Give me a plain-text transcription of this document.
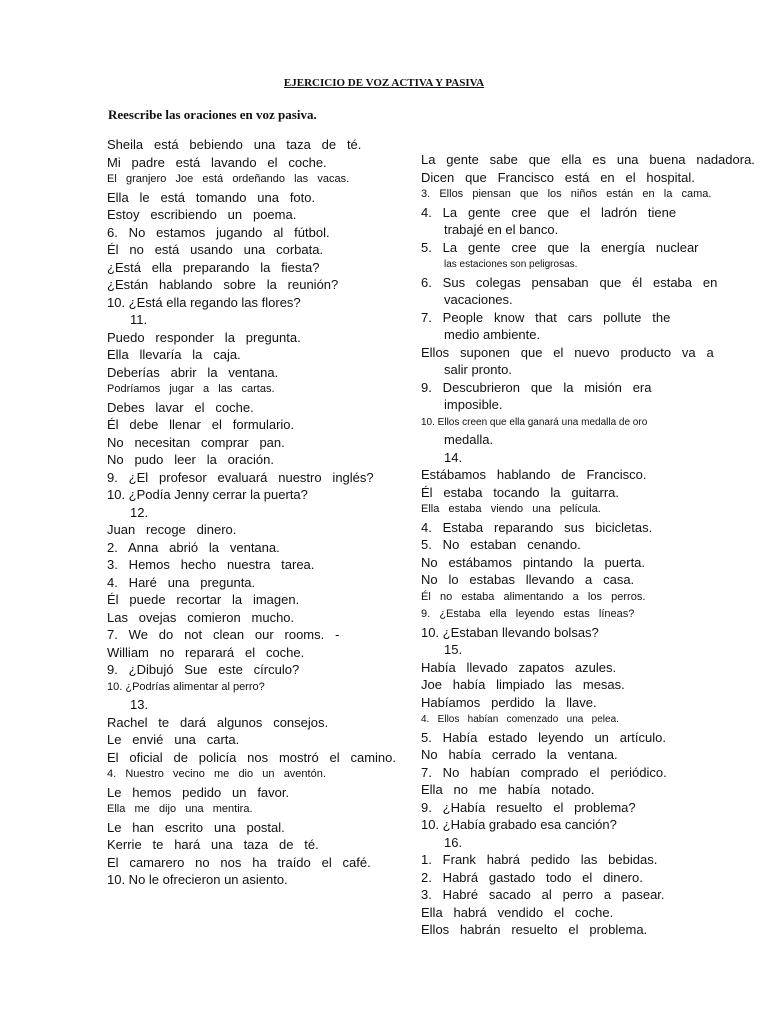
EJERCICIO DE VOZ ACTIVA Y PASIVA

Reescribe las oraciones en voz pasiva.

Sheila   está   bebiendo   una   taza   de   té.
Mi   padre   está   lavando   el   coche.
El   granjero   Joe   está   ordeñando   las   vacas.
Ella   le   está   tomando   una   foto.
Estoy   escribiendo   un   poema.
6.   No   estamos   jugando   al   fútbol.
Él   no   está   usando   una   corbata.
¿Está   ella   preparando   la   fiesta?
¿Están   hablando   sobre   la   reunión?
10. ¿Está ella regando las flores?
11.
Puedo   responder   la   pregunta.
Ella   llevaría   la   caja.
Deberías   abrir   la   ventana.
Podríamos   jugar   a   las   cartas.
Debes   lavar   el   coche.
Él   debe   llenar   el   formulario.
No   necesitan   comprar   pan.
No   pudo   leer   la   oración.
9.   ¿El   profesor   evaluará   nuestro   inglés?
10. ¿Podía Jenny cerrar la puerta?
12.
Juan   recoge   dinero.
2.   Anna   abrió   la   ventana.
3.   Hemos   hecho   nuestra   tarea.
4.   Haré   una   pregunta.
Él   puede   recortar   la   imagen.
Las   ovejas   comieron   mucho.
7.   We   do   not   clean   our   rooms.   -
William   no   reparará   el   coche.
9.   ¿Dibujó   Sue   este   círculo?
10. ¿Podrías alimentar al perro?
13.
Rachel   te   dará   algunos   consejos.
Le   envié   una   carta.
El   oficial   de   policía   nos   mostró   el   camino.
4.   Nuestro   vecino   me   dio   un   aventón.
Le   hemos   pedido   un   favor.
Ella   me   dijo   una   mentira.
Le   han   escrito   una   postal.
Kerrie   te   hará   una   taza   de   té.
El   camarero   no   nos   ha   traído   el   café.
10. No le ofrecieron un asiento.
La   gente   sabe   que   ella   es   una   buena   nadadora.
Dicen   que   Francisco   está   en   el   hospital.
3.   Ellos   piensan   que   los   niños   están   en   la   cama.
4.   La   gente   cree   que   el   ladrón   tiene
trabajé en el banco.
5.   La   gente   cree   que   la   energía   nuclear
las estaciones son peligrosas.
6.   Sus   colegas   pensaban   que   él   estaba   en
vacaciones.
7.   People   know   that   cars   pollute   the
medio ambiente.
Ellos   suponen   que   el   nuevo   producto   va   a
salir pronto.
9.   Descubrieron   que   la   misión   era
imposible.
10. Ellos creen que ella ganará una medalla de oro
medalla.
14.
Estábamos   hablando   de   Francisco.
Él   estaba   tocando   la   guitarra.
Ella   estaba   viendo   una   película.
4.   Estaba   reparando   sus   bicicletas.
5.   No   estaban   cenando.
No   estábamos   pintando   la   puerta.
No   lo   estabas   llevando   a   casa.
Él   no   estaba   alimentando   a   los   perros.
9.   ¿Estaba   ella   leyendo   estas   líneas?
10. ¿Estaban llevando bolsas?
15.
Había   llevado   zapatos   azules.
Joe   había   limpiado   las   mesas.
Habíamos   perdido   la   llave.
4.   Ellos   habían   comenzado   una   pelea.
5.   Había   estado   leyendo   un   artículo.
No   había   cerrado   la   ventana.
7.   No   habían   comprado   el   periódico.
Ella   no   me   había   notado.
9.   ¿Había   resuelto   el   problema?
10. ¿Había grabado esa canción?
16.
1.   Frank   habrá   pedido   las   bebidas.
2.   Habrá   gastado   todo   el   dinero.
3.   Habré   sacado   al   perro   a   pasear.
Ella   habrá   vendido   el   coche.
Ellos   habrán   resuelto   el   problema.
